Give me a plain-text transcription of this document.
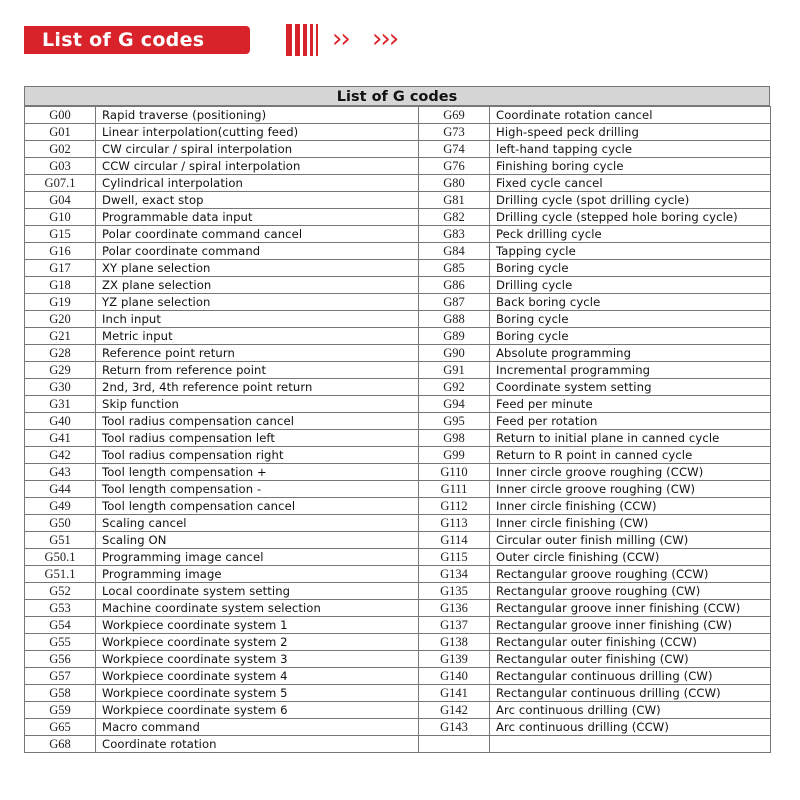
List of G codes	›› ›››
List of G codes
G00	Rapid traverse (positioning)	G69	Coordinate rotation cancel
G01	Linear interpolation(cutting feed)	G73	High-speed peck drilling
G02	CW circular / spiral interpolation	G74	left-hand tapping cycle
G03	CCW circular / spiral interpolation	G76	Finishing boring cycle
G07.1	Cylindrical interpolation	G80	Fixed cycle cancel
G04	Dwell, exact stop	G81	Drilling cycle (spot drilling cycle)
G10	Programmable data input	G82	Drilling cycle (stepped hole boring cycle)
G15	Polar coordinate command cancel	G83	Peck drilling cycle
G16	Polar coordinate command	G84	Tapping cycle
G17	XY plane selection	G85	Boring cycle
G18	ZX plane selection	G86	Drilling cycle
G19	YZ plane selection	G87	Back boring cycle
G20	Inch input	G88	Boring cycle
G21	Metric input	G89	Boring cycle
G28	Reference point return	G90	Absolute programming
G29	Return from reference point	G91	Incremental programming
G30	2nd, 3rd, 4th reference point return	G92	Coordinate system setting
G31	Skip function	G94	Feed per minute
G40	Tool radius compensation cancel	G95	Feed per rotation
G41	Tool radius compensation left	G98	Return to initial plane in canned cycle
G42	Tool radius compensation right	G99	Return to R point in canned cycle
G43	Tool length compensation +	G110	Inner circle groove roughing (CCW)
G44	Tool length compensation -	G111	Inner circle groove roughing (CW)
G49	Tool length compensation cancel	G112	Inner circle finishing (CCW)
G50	Scaling cancel	G113	Inner circle finishing (CW)
G51	Scaling ON	G114	Circular outer finish milling (CW)
G50.1	Programming image cancel	G115	Outer circle finishing (CCW)
G51.1	Programming image	G134	Rectangular groove roughing (CCW)
G52	Local coordinate system setting	G135	Rectangular groove roughing (CW)
G53	Machine coordinate system selection	G136	Rectangular groove inner finishing (CCW)
G54	Workpiece coordinate system 1	G137	Rectangular groove inner finishing (CW)
G55	Workpiece coordinate system 2	G138	Rectangular outer finishing (CCW)
G56	Workpiece coordinate system 3	G139	Rectangular outer finishing (CW)
G57	Workpiece coordinate system 4	G140	Rectangular continuous drilling (CW)
G58	Workpiece coordinate system 5	G141	Rectangular continuous drilling (CCW)
G59	Workpiece coordinate system 6	G142	Arc continuous drilling (CW)
G65	Macro command	G143	Arc continuous drilling (CCW)
G68	Coordinate rotation		
